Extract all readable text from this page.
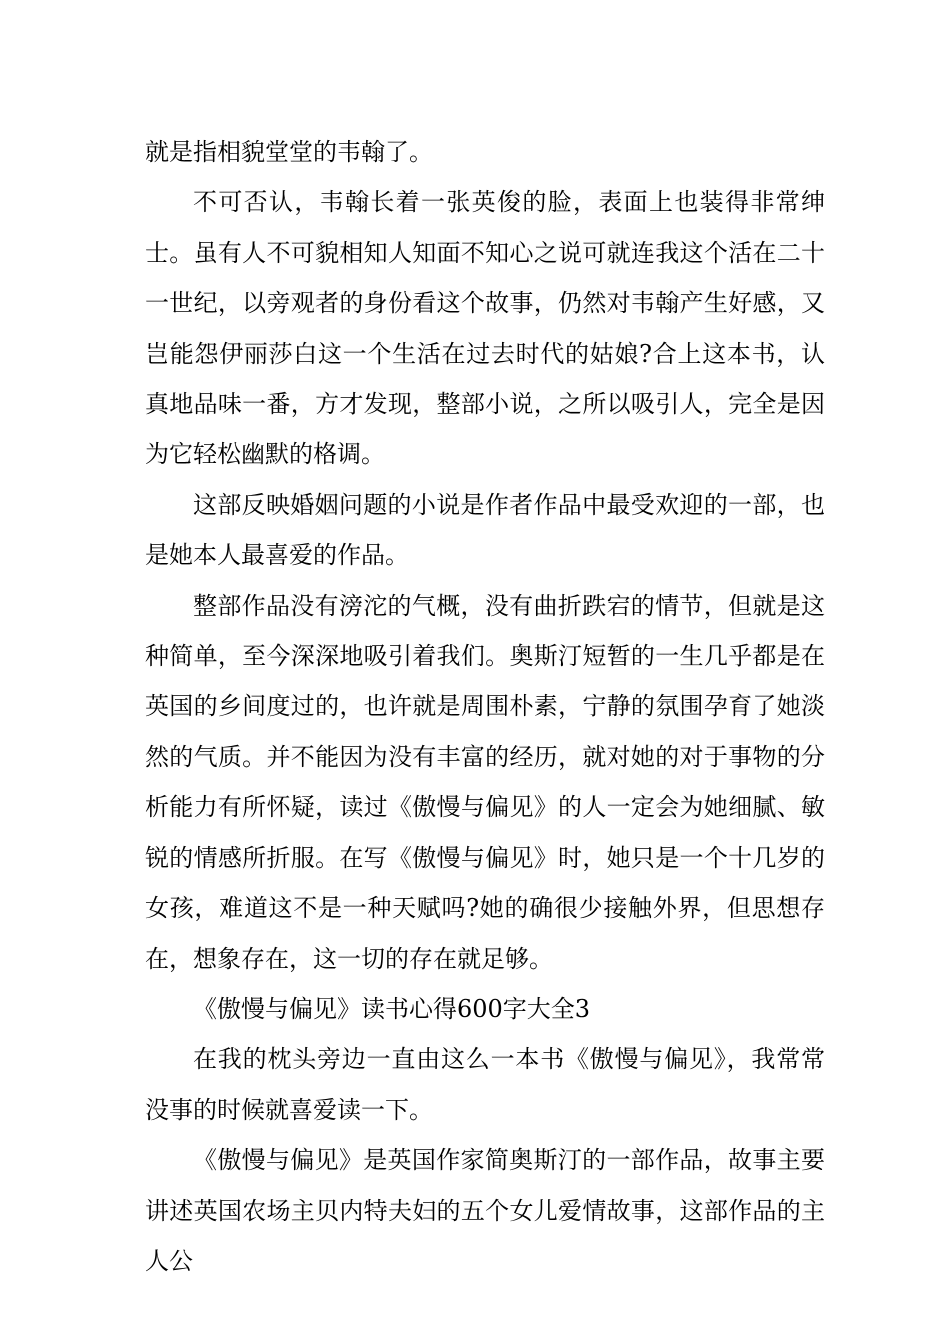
就是指相貌堂堂的韦翰了。

不可否认，韦翰长着一张英俊的脸，表面上也装得非常绅士。虽有人不可貌相知人知面不知心之说可就连我这个活在二十一世纪，以旁观者的身份看这个故事，仍然对韦翰产生好感，又岂能怨伊丽莎白这一个生活在过去时代的姑娘?合上这本书，认真地品味一番，方才发现，整部小说，之所以吸引人，完全是因为它轻松幽默的格调。

这部反映婚姻问题的小说是作者作品中最受欢迎的一部，也是她本人最喜爱的作品。

整部作品没有滂沱的气概，没有曲折跌宕的情节，但就是这种简单，至今深深地吸引着我们。奥斯汀短暂的一生几乎都是在英国的乡间度过的，也许就是周围朴素，宁静的氛围孕育了她淡然的气质。并不能因为没有丰富的经历，就对她的对于事物的分析能力有所怀疑，读过《傲慢与偏见》的人一定会为她细腻、敏锐的情感所折服。在写《傲慢与偏见》时，她只是一个十几岁的女孩，难道这不是一种天赋吗?她的确很少接触外界，但思想存在，想象存在，这一切的存在就足够。

《傲慢与偏见》读书心得600字大全3

在我的枕头旁边一直由这么一本书《傲慢与偏见》，我常常没事的时候就喜爱读一下。

《傲慢与偏见》是英国作家简奥斯汀的一部作品，故事主要讲述英国农场主贝内特夫妇的五个女儿爱情故事，这部作品的主人公
